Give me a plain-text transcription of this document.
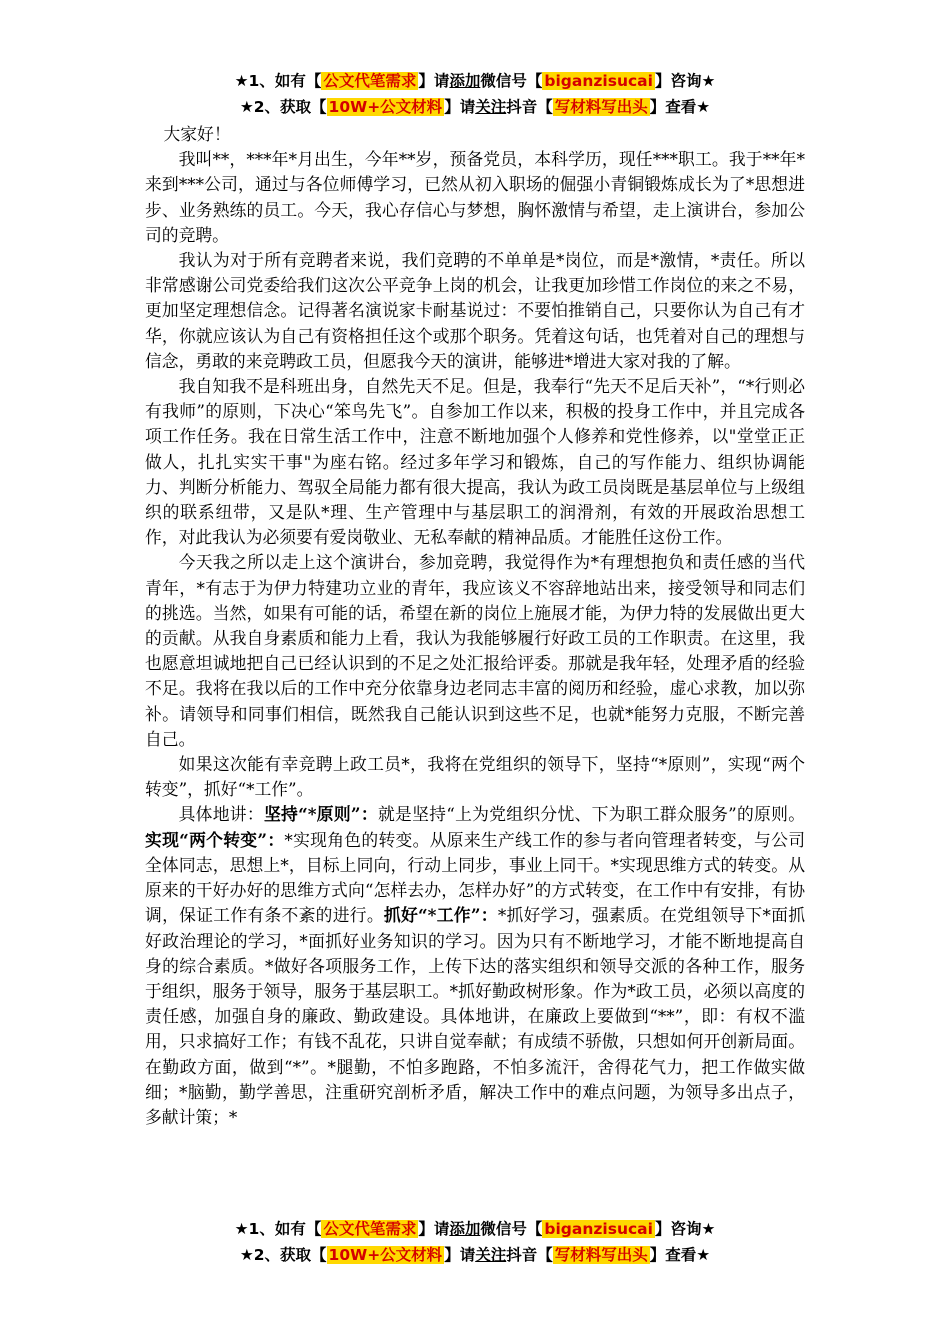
★1、如有【 公文代笔需求 】请添加微信号【 biganzisucai 】咨询★
★2、获取【 10W+公文材料 】请关注抖音【 写材料写出头 】查看★

大家好！

我叫**，***年*月出生，今年**岁，预备党员，本科学历，现任***职工。我于**年*来到***公司，通过与各位师傅学习，已然从初入职场的倔强小青铜锻炼成长为了*思想进步、业务熟练的员工。今天，我心存信心与梦想，胸怀激情与希望，走上演讲台，参加公司的竞聘。

我认为对于所有竞聘者来说，我们竞聘的不单单是*岗位，而是*激情，*责任。所以非常感谢公司党委给我们这次公平竞争上岗的机会，让我更加珍惜工作岗位的来之不易，更加坚定理想信念。记得著名演说家卡耐基说过：不要怕推销自己，只要你认为自己有才华，你就应该认为自己有资格担任这个或那个职务。凭着这句话，也凭着对自己的理想与信念，勇敢的来竞聘政工员，但愿我今天的演讲，能够进*增进大家对我的了解。

我自知我不是科班出身，自然先天不足。但是，我奉行“先天不足后天补”，“*行则必有我师”的原则，下决心“笨鸟先飞”。自参加工作以来，积极的投身工作中，并且完成各项工作任务。我在日常生活工作中，注意不断地加强个人修养和党性修养，以"堂堂正正做人，扎扎实实干事"为座右铭。经过多年学习和锻炼，自己的写作能力、组织协调能力、判断分析能力、驾驭全局能力都有很大提高，我认为政工员岗既是基层单位与上级组织的联系纽带，又是队*理、生产管理中与基层职工的润滑剂，有效的开展政治思想工作，对此我认为必须要有爱岗敬业、无私奉献的精神品质。才能胜任这份工作。

今天我之所以走上这个演讲台，参加竞聘，我觉得作为*有理想抱负和责任感的当代青年，*有志于为伊力特建功立业的青年，我应该义不容辞地站出来，接受领导和同志们的挑选。当然，如果有可能的话，希望在新的岗位上施展才能，为伊力特的发展做出更大的贡献。从我自身素质和能力上看，我认为我能够履行好政工员的工作职责。在这里，我也愿意坦诚地把自己已经认识到的不足之处汇报给评委。那就是我年轻，处理矛盾的经验不足。我将在我以后的工作中充分依靠身边老同志丰富的阅历和经验，虚心求教，加以弥补。请领导和同事们相信，既然我自己能认识到这些不足，也就*能努力克服，不断完善自己。

如果这次能有幸竞聘上政工员*，我将在党组织的领导下，坚持“*原则”，实现“两个转变”，抓好“*工作”。

具体地讲：坚持“*原则”：就是坚持“上为党组织分忧、下为职工群众服务”的原则。实现“两个转变”：*实现角色的转变。从原来生产线工作的参与者向管理者转变，与公司全体同志，思想上*，目标上同向，行动上同步，事业上同干。*实现思维方式的转变。从原来的干好办好的思维方式向“怎样去办，怎样办好”的方式转变，在工作中有安排，有协调，保证工作有条不紊的进行。抓好“*工作”：*抓好学习，强素质。在党组领导下*面抓好政治理论的学习，*面抓好业务知识的学习。因为只有不断地学习，才能不断地提高自身的综合素质。*做好各项服务工作，上传下达的落实组织和领导交派的各种工作，服务于组织，服务于领导，服务于基层职工。*抓好勤政树形象。作为*政工员，必须以高度的责任感，加强自身的廉政、勤政建设。具体地讲，在廉政上要做到“**”，即：有权不滥用，只求搞好工作；有钱不乱花，只讲自觉奉献；有成绩不骄傲，只想如何开创新局面。在勤政方面，做到“*”。*腿勤，不怕多跑路，不怕多流汗，舍得花气力，把工作做实做细；*脑勤，勤学善思，注重研究剖析矛盾，解决工作中的难点问题，为领导多出点子，多献计策；*

★1、如有【 公文代笔需求 】请添加微信号【 biganzisucai 】咨询★
★2、获取【 10W+公文材料 】请关注抖音【 写材料写出头 】查看★
